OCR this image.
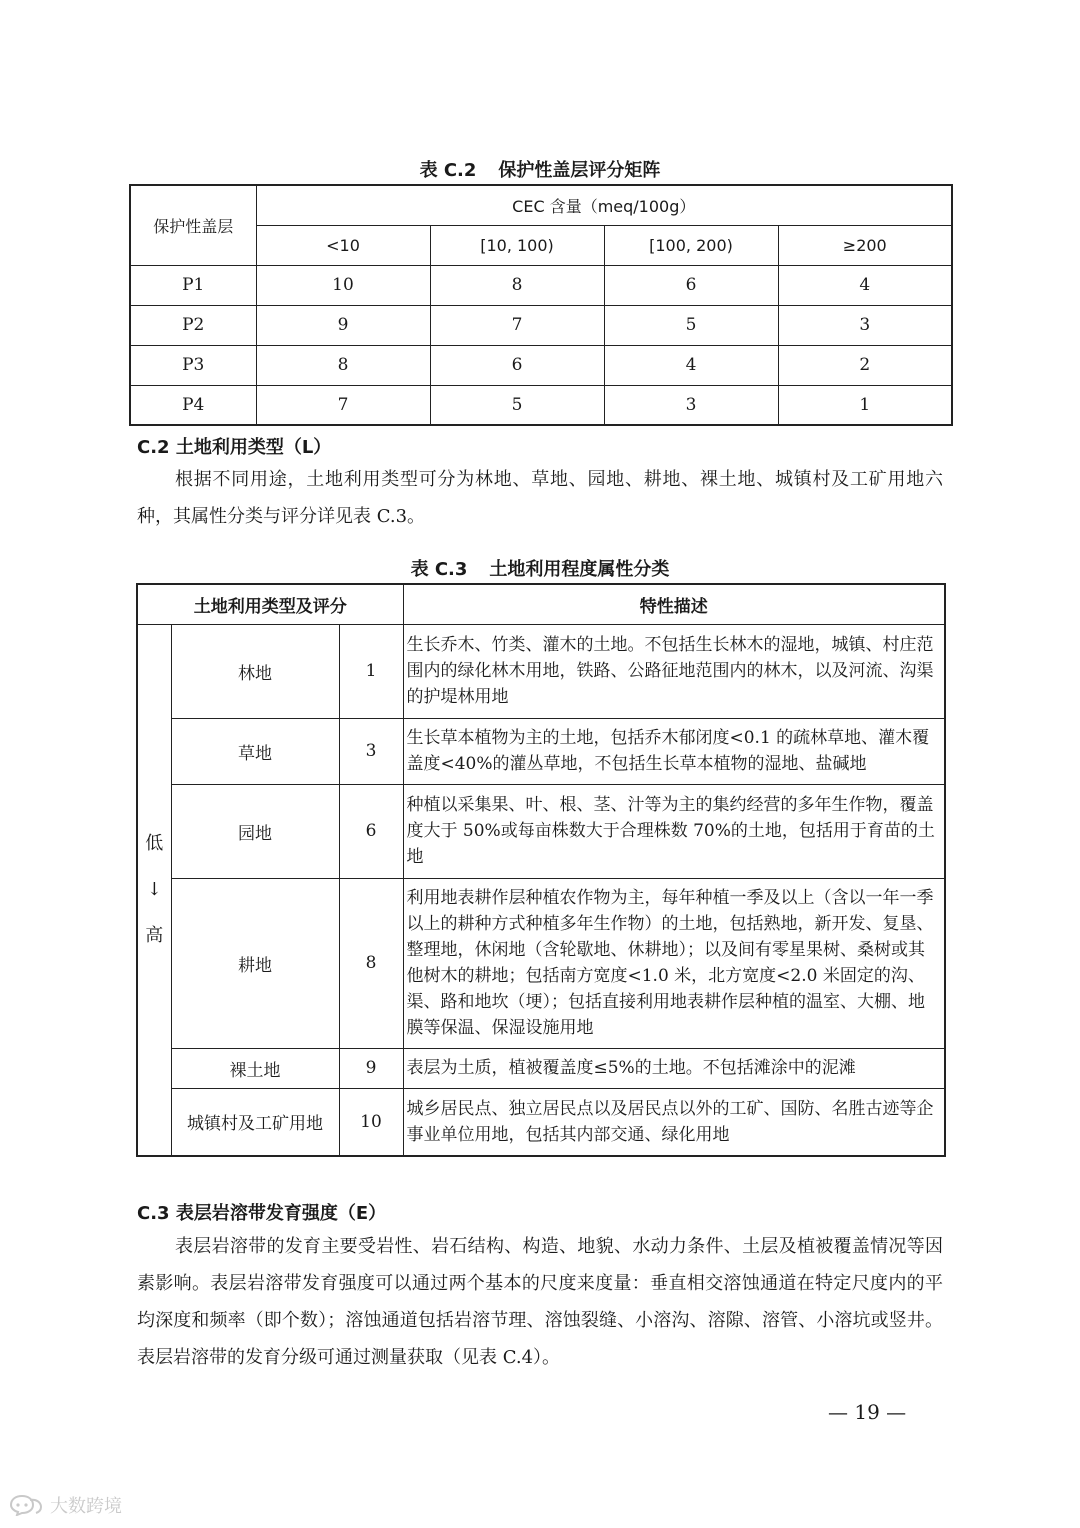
表 C.2 保护性盖层评分矩阵
保护性盖层	CEC 含量（meq/100g）			
	<10	[10, 100)	[100, 200)	≥200
P1	10	8	6	4
P2	9	7	5	3
P3	8	6	4	2
P4	7	5	3	1
C.2 土地利用类型（L）

根据不同用途，土地利用类型可分为林地、草地、园地、耕地、裸土地、城镇村及工矿用地六种，其属性分类与评分详见表 C.3。

表 C.3 土地利用程度属性分类
土地利用类型及评分			特性描述

低
↓
高	林地	1	生长乔木、竹类、灌木的土地。不包括生长林木的湿地，城镇、村庄范围内的绿化林木用地，铁路、公路征地范围内的林木，以及河流、沟渠的护堤林用地
	草地	3	生长草本植物为主的土地，包括乔木郁闭度<0.1 的疏林草地、灌木覆盖度<40%的灌丛草地，不包括生长草本植物的湿地、盐碱地
	园地	6	种植以采集果、叶、根、茎、汁等为主的集约经营的多年生作物，覆盖度大于 50%或每亩株数大于合理株数 70%的土地，包括用于育苗的土地
	耕地	8	利用地表耕作层种植农作物为主，每年种植一季及以上（含以一年一季以上的耕种方式种植多年生作物）的土地，包括熟地，新开发、复垦、整理地，休闲地（含轮歇地、休耕地）；以及间有零星果树、桑树或其他树木的耕地；包括南方宽度<1.0 米，北方宽度<2.0 米固定的沟、渠、路和地坎（埂）；包括直接利用地表耕作层种植的温室、大棚、地膜等保温、保湿设施用地
	裸土地	9	表层为土质，植被覆盖度≤5%的土地。不包括滩涂中的泥滩
	城镇村及工矿用地	10	城乡居民点、独立居民点以及居民点以外的工矿、国防、名胜古迹等企事业单位用地，包括其内部交通、绿化用地
C.3 表层岩溶带发育强度（E）

表层岩溶带的发育主要受岩性、岩石结构、构造、地貌、水动力条件、土层及植被覆盖情况等因素影响。表层岩溶带发育强度可以通过两个基本的尺度来度量：垂直相交溶蚀通道在特定尺度内的平均深度和频率（即个数）；溶蚀通道包括岩溶节理、溶蚀裂缝、小溶沟、溶隙、溶管、小溶坑或竖井。表层岩溶带的发育分级可通过测量获取（见表 C.4）。

— 19 —
大数跨境
